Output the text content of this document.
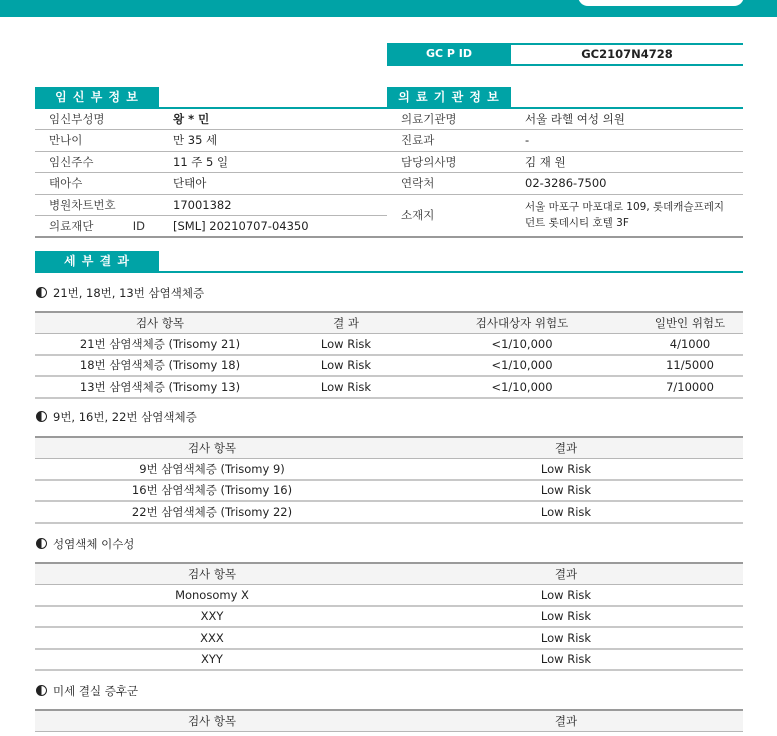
GC P ID	GC2107N4728
임 신 부 정 보	의 료 기 관 정 보
임신부성명	왕 * 민
만나이	만 35 세
임신주수	11 주 5 일
태아수	단태아
병원차트번호	17001382
의료재단 ID	[SML] 20210707-04350
의료기관명	서울 라헬 여성 의원
진료과	-
담당의사명	김 재 원
연락처	02-3286-7500
소재지	서울 마포구 마포대로 109, 롯데캐슬프레지 던트 롯데시티 호텔 3F
세 부 결 과
21번, 18번, 13번 삼염색체증
검사 항목	결 과	검사대상자 위험도	일반인 위험도
21번 삼염색체증 (Trisomy 21)	Low Risk	<1/10,000	4/1000
18번 삼염색체증 (Trisomy 18)	Low Risk	<1/10,000	11/5000
13번 삼염색체증 (Trisomy 13)	Low Risk	<1/10,000	7/10000
9번, 16번, 22번 삼염색체증
검사 항목	결과
9번 삼염색체증 (Trisomy 9)	Low Risk
16번 삼염색체증 (Trisomy 16)	Low Risk
22번 삼염색체증 (Trisomy 22)	Low Risk
성염색체 이수성
검사 항목	결과
Monosomy X	Low Risk
XXY	Low Risk
XXX	Low Risk
XYY	Low Risk
미세 결실 증후군
검사 항목	결과
